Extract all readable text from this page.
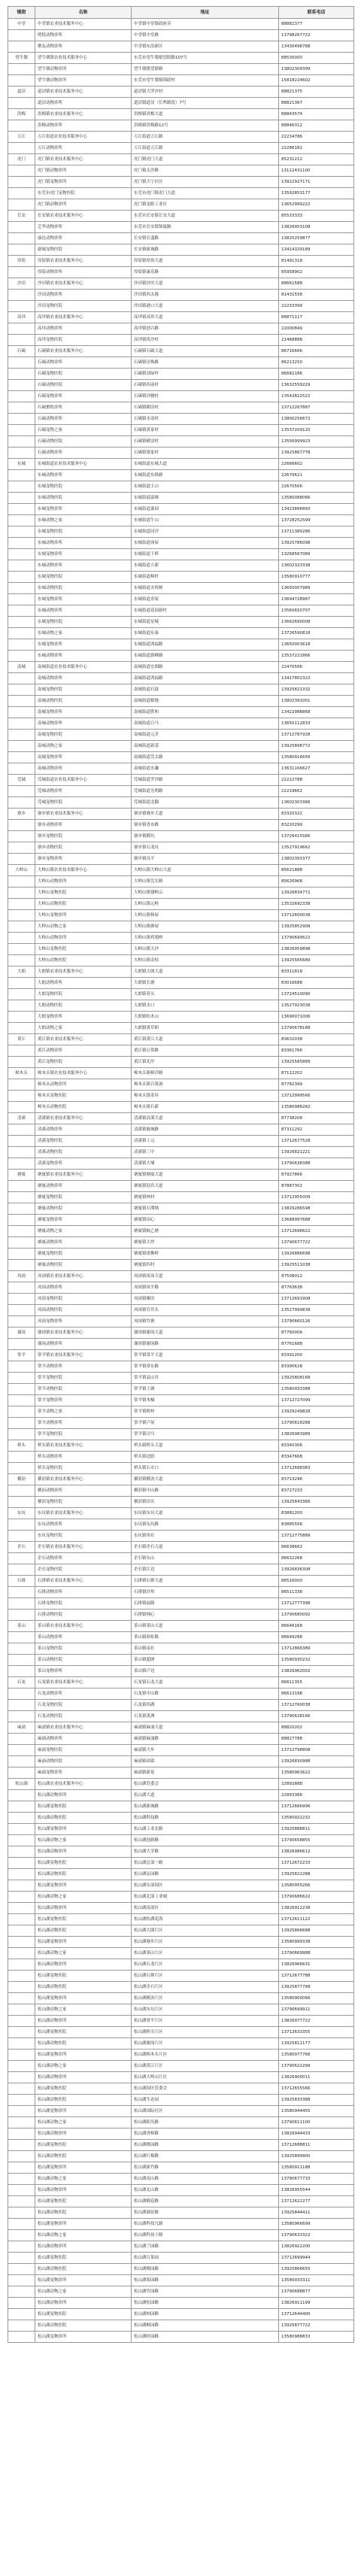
镇街	名称	地址	联系电话
中堂	中堂镇农业技术服务中心	中堂镇中堂镇政府旁	88882377
	明悦动物诊所	中堂镇中堂路	13798267722
	聚友动物诊所	中堂镇东泊新区	13430498788
望牛墩	望牛墩镇农业技术服务中心	东莞市望牛墩镇望联路107号	88530000
	望牛墩动物诊所	望牛墩镇望联路	13802309399
	望牛墩动物诊所	东莞市望牛墩镇锦联村	15818224602
道滘	道滘镇农业技术服务中心	道滘镇大罗沙村	88821375
	道滘动物诊所	道滘镇道滘（长鸣路段）7号	88821367
洪梅	洪梅镇农业技术服务中心	洪梅镇洪梅大道	88843574
	洪梅动物诊所	洪梅镇洪梅路12号	88846312
万江	万江街道农业技术服务中心	万江街道万江路	22234786
	万江动物诊所	万江街道万江路	22286182
虎门	虎门镇农业技术服务中心	虎门镇虎门大道	85231212
	虎门镇动物诊所	虎门镇太沙路	13112431100
	虎门镇宠物诊所	虎门镇大宁社区	13922927171
	东莞市虎门宠物医院	东莞市虎门镇虎门大道	13592853177
	虎门镇动物诊所	虎门镇龙眼工业区	13652999222
长安	长安镇农业技术服务中心	东莞市长安镇长安大道	85533333
	艺华动物诊所	东莞市长安镇锦厦路	13826953108
	康达动物诊所	长安镇长盛路	13825259877
	新城宠物医院	长安镇新城路	13414329189
厚街	厚街镇农业技术服务中心	厚街镇厚街大道	81491318
	厚街动物诊所	厚街镇康乐路	85958902
沙田	沙田镇农业技术服务中心	沙田镇沙田大道	88661588
	沙田动物诊所	沙田镇西太隆	81431558
	沙田宠物医院	沙田镇港口大道	22233399
高埗	高埗镇农业技术服务中心	高埗镇高埗大道	88871117
	高埗动物诊所	高埗镇创兴路	22000849
	高埗宠物医院	高埗镇冼沙村	21468888
石碣	石碣镇农业技术服务中心	石碣镇石碣大道	86716666
	石碣动物诊所	石碣镇崇焕路	86213250
	石碣宠物医院	石碣镇刘屋村	86682186
	石碣动物医院	石碣镇西南村	13632559229
	石碣宠物诊所	石碣镇沙腰村	13542822522
	石碣畜牧诊所	石碣镇鹤田村	13712267887
	石碣动物诊所	石碣镇水南村	13800256672
	石碣宠物之家	石碣镇黄家村	13537209120
	石碣动物医院	石碣镇横滘村	13556999923
	石碣动物诊所	石碣镇梁家村	13925867778
东城	东城街道农业技术服务中心	东城街道东城大道	22666602
	东城动物诊所	东城街道东纵路	22670621
	东城宠物医院	东城街道主山	22670566
	东城动物医院	东城街道温塘	13580088066
	东城宠物诊所	东城街道桑园	13423896893
	东城动物之家	东城街道牛山	13728252599
	东城宠物医院	东城街道同沙	13711389286
	东城动物诊所	东城街道周屋	13925786098
	东城宠物诊所	东城街道下桥	13268567089
	东城动物诊所	东城街道立新	13602323338
	东城宠物医院	东城街道樟村	13580910777
	东城动物医院	东城街道火炼树	13650007989
	东城宠物诊所	东城街道余屋	13694728987
	东城动物诊所	东城街道花园新村	13560650707
	东城宠物医院	东城街道星城	13662690008
	东城动物之家	东城街道东泰	13726590818
	东城宠物诊所	东城街道鸿福路	13650003618
	东城动物诊所	东城街道旗峰路	13537221866
南城	南城街道农业技术服务中心	南城街道宏图路	22470566
	南城动物诊所	南城街道鸿福路	13417802322
	南城宠物医院	南城街道石鼓	13925821332
	南城动物医院	南城街道蛤地	13802391001
	南城宠物诊所	南城街道胜和	13422988868
	南城动物诊所	南城街道白马	13650112833
	南城宠物医院	南城街道元美	13712787928
	南城动物之家	南城街道新基	13925898772
	南城宠物诊所	南城街道莞太路	13580916656
	南城动物诊所	南城街道水濂	13631166627
莞城	莞城街道农业技术服务中心	莞城街道罗沙路	22222788
	莞城动物诊所	莞城街道光明路	22219662
	莞城宠物医院	莞城街道北隅	13602303366
寮步	寮步镇农业技术服务中心	寮步镇寮步大道	83320322
	寮步动物诊所	寮步镇香市路	83220299
	寮步宠物医院	寮步镇横坑	13726415566
	寮步动物医院	寮步镇石龙坑	13527919662
	寮步宠物诊所	寮步镇良平	13802393377
大岭山	大岭山镇农业技术服务中心	大岭山镇大岭山大道	85621888
	大岭山动物诊所	大岭山镇莞长路	85626968
	大岭山宠物医院	大岭山镇矮岭冚	13926834772
	大岭山动物医院	大岭山镇元岭	13532692338
	大岭山宠物诊所	大岭山镇杨屋	13712600038
	大岭山动物之家	大岭山镇颜屋	13925852908
	大岭山动物诊所	大岭山镇鸡翅岭	13790699522
	大岭山宠物医院	大岭山镇大沙	13826959898
	大岭山动物医院	大岭山镇金桔	13925565689
大朗	大朗镇农业技术服务中心	大朗镇大朗大道	83311818
	大朗动物诊所	大朗镇长塘	83016688
	大朗宠物医院	大朗镇巷头	13724510090
	大朗动物医院	大朗镇水口	13527923038
	大朗宠物诊所	大朗镇松木山	13690071006
	大朗动物之家	大朗镇黄草朗	13790678188
黄江	黄江镇农业技术服务中心	黄江镇黄江大道	83632038
	黄江动物诊所	黄江镇公常路	83361766
	黄江宠物医院	黄江镇北岸	13925585889
樟木头	樟木头镇农业技术服务中心	樟木头镇樟洋路	87112202
	樟木头动物诊所	樟木头镇百果洞	87782399
	樟木头宠物医院	樟木头镇金河	13712999566
	樟木头动物医院	樟木头镇石新	13580988282
清溪	清溪镇农业技术服务中心	清溪镇清溪大道	87738208
	清溪动物诊所	清溪镇鹿城路	87311292
	清溪宠物医院	清溪镇上元	13712677528
	清溪动物医院	清溪镇三中	13926821221
	清溪宠物诊所	清溪镇大埔	13790638388
塘厦	塘厦镇农业技术服务中心	塘厦镇塘厦大道	87927866
	塘厦动物诊所	塘厦镇迎宾大道	87887302
	塘厦宠物医院	塘厦镇林村	13712955009
	塘厦动物医院	塘厦镇石潭埔	13829286598
	塘厦宠物诊所	塘厦镇田心	13688997688
	塘厦动物之家	塘厦镇蛟乙塘	13712696622
	塘厦动物诊所	塘厦镇大坪	13790677722
	塘厦宠物医院	塘厦镇诸佛岭	13926886698
	塘厦动物医院	塘厦镇四村	13925511038
凤岗	凤岗镇农业技术服务中心	凤岗镇凤岗大道	87508012
	凤岗动物诊所	凤岗镇凤平路	87763638
	凤岗宠物医院	凤岗镇雁田	13712691908
	凤岗动物医院	凤岗镇官井头	13527999838
	凤岗宠物诊所	凤岗镇竹塘	13790660126
谢岗	谢岗镇农业技术服务中心	谢岗镇谢岗大道	87760006
	谢岗动物诊所	谢岗镇谢岗路	87761688
常平	常平镇农业技术服务中心	常平镇常平大道	83391200
	常平动物诊所	常平镇常东路	83390628
	常平宠物医院	常平镇袁山贝	13925808168
	常平动物医院	常平镇土塘	13580933388
	常平宠物诊所	常平镇木棆	13712727099
	常平动物之家	常平镇桥梓	13929249828
	常平动物诊所	常平镇卢屋	13790618288
	常平宠物医院	常平镇司马	13826983989
桥头	桥头镇农业技术服务中心	桥头镇桥头大道	83340306
	桥头动物诊所	桥头镇迳联	83347668
	桥头宠物医院	桥头镇石水口	13712688383
横沥	横沥镇农业技术服务中心	横沥镇横沥大道	83713296
	横沥动物诊所	横沥镇中山路	83727233
	横沥宠物医院	横沥镇田头	13925843366
东坑	东坑镇农业技术服务中心	东坑镇东坑大道	83881200
	东坑动物诊所	东坑镇东坑路	83885556
	东坑宠物医院	东坑镇角社	13712775889
企石	企石镇农业技术服务中心	企石镇企石大道	86638662
	企石动物诊所	企石镇东山	86632268
	企石宠物医院	企石镇江边	13926836308
石排	石排镇农业技术服务中心	石排镇石排大道	86516000
	石排动物诊所	石排镇沙角	86511338
	石排宠物医院	石排镇福隆	13712777398
	石排动物医院	石排镇埔心	13790680092
茶山	茶山镇农业技术服务中心	茶山镇茶山大道	86646168
	茶山动物诊所	茶山镇彩虹路	86649288
	茶山宠物医院	茶山镇南社	13712866389
	茶山动物医院	茶山镇超朗	13580930232
	茶山宠物诊所	茶山镇卢边	13826962002
石龙	石龙镇农业技术服务中心	石龙镇石龙大道	86611355
	石龙动物诊所	石龙镇中山路	86613198
	石龙宠物医院	石龙镇西湖	13712760038
	石龙动物医院	石龙镇黄洲	13790628166
麻涌	麻涌镇农业技术服务中心	麻涌镇麻涌大道	88820202
	麻涌动物诊所	麻涌镇麻涌路	88827788
	麻涌宠物医院	麻涌镇大步	13712798808
	麻涌动物医院	麻涌镇漳澎	13926830988
	麻涌宠物诊所	麻涌镇新基	13580963622
松山湖	松山湖农业技术服务中心	松山湖管委会	22892888
	松山湖动物诊所	松山湖大道	22893366
	松山湖宠物医院	松山湖新城路	13712666996
	松山湖动物医院	松山湖科技路	13580922232
	松山湖宠物诊所	松山湖工业北路	13925888811
	松山湖动物之家	松山湖创新路	13790658855
	松山湖动物诊所	松山湖大学路	13826986612
	松山湖宠物医院	松山湖总部一路	13712672233
	松山湖动物医院	松山湖沁园路	13925822288
	松山湖宠物诊所	松山湖东部园区	13580955266
	松山湖动物之家	松山湖北部工业城	13790686622
	松山湖动物诊所	松山湖南部区	13826912238
	松山湖宠物医院	松山湖松湖花海	13712611122
	松山湖动物医院	松山湖大朗片区	13925866688
	松山湖宠物诊所	松山湖寮步片区	13580999338
	松山湖动物之家	松山湖茶山片区	13790669988
	松山湖动物诊所	松山湖石龙片区	13826966631
	松山湖宠物医院	松山湖石排片区	13712677788
	松山湖动物医院	松山湖企石片区	13925877799
	松山湖宠物诊所	松山湖横沥片区	13580900066
	松山湖动物之家	松山湖东坑片区	13790699911
	松山湖动物诊所	松山湖常平片区	13826977722
	松山湖宠物医院	松山湖桥头片区	13712633355
	松山湖动物医院	松山湖谢岗片区	13925811177
	松山湖宠物诊所	松山湖樟木头片区	13580977766
	松山湖动物之家	松山湖黄江片区	13790622299
	松山湖动物诊所	松山湖大岭山片区	13826900011
	松山湖宠物医院	松山湖园区管委会	13712655566
	松山湖动物医院	松山湖生态园	13925833388
	松山湖宠物诊所	松山湖国际社区	13580944455
	松山湖动物之家	松山湖阳光路	13790611100
	松山湖动物诊所	松山湖香樟路	13826944433
	松山湖宠物医院	松山湖桃园路	13712688811
	松山湖动物医院	松山湖红棉路	13925899900
	松山湖宠物诊所	松山湖新竹路	13580911188
	松山湖动物之家	松山湖南山路	13790677733
	松山湖动物诊所	松山湖北山路	13826955544
	松山湖宠物医院	松山湖榴花路	13712622277
	松山湖动物医院	松山湖湖景路	13925844411
	松山湖宠物诊所	松山湖科技九路	13580966699
	松山湖动物之家	松山湖科技十路	13790633322
	松山湖动物诊所	松山湖兰园路	13826922200
	松山湖宠物医院	松山湖百果园	13712699944
	松山湖动物医院	松山湖梅园路	13925866655
	松山湖宠物诊所	松山湖菊园路	13580933311
	松山湖动物之家	松山湖竹园路	13790688877
	松山湖动物诊所	松山湖松园路	13826911199
	松山湖宠物医院	松山湖柏园路	13712644400
	松山湖动物医院	松山湖枫园路	13925877722
	松山湖宠物诊所	松山湖桂园路	13580988833
